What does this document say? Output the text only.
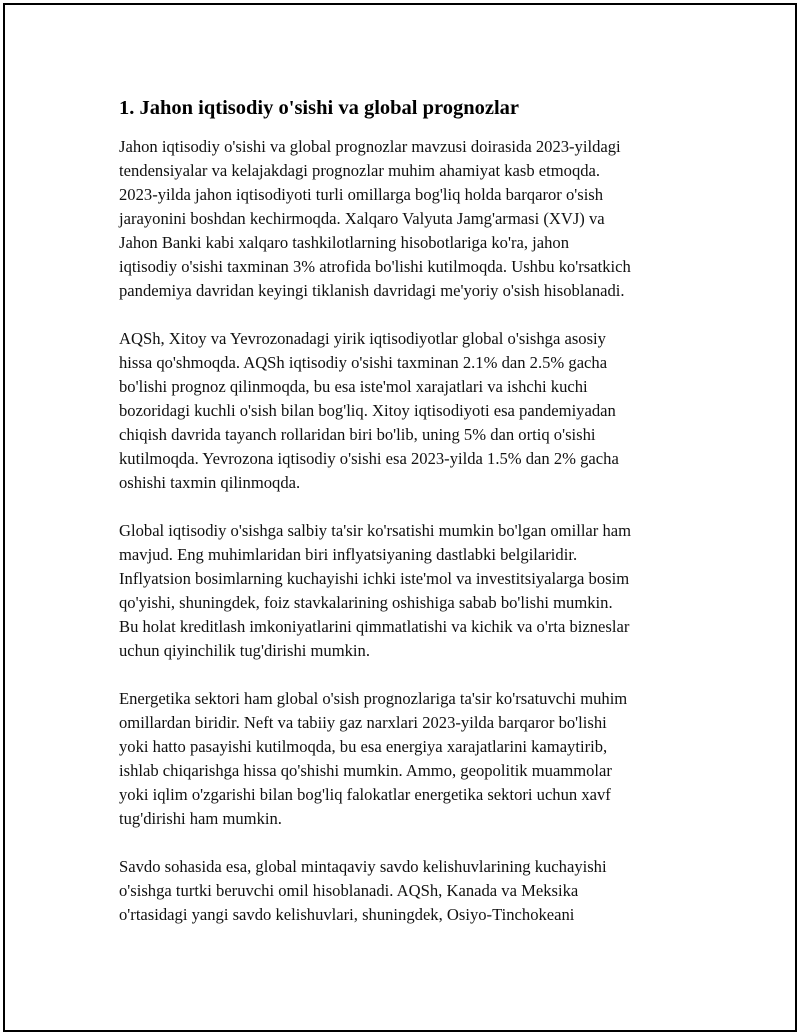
1. Jahon iqtisodiy o'sishi va global prognozlar
Jahon iqtisodiy o'sishi va global prognozlar mavzusi doirasida 2023-yildagi
tendensiyalar va kelajakdagi prognozlar muhim ahamiyat kasb etmoqda.
2023-yilda jahon iqtisodiyoti turli omillarga bog'liq holda barqaror o'sish
jarayonini boshdan kechirmoqda. Xalqaro Valyuta Jamg'armasi (XVJ) va
Jahon Banki kabi xalqaro tashkilotlarning hisobotlariga ko'ra, jahon
iqtisodiy o'sishi taxminan 3% atrofida bo'lishi kutilmoqda. Ushbu ko'rsatkich
pandemiya davridan keyingi tiklanish davridagi me'yoriy o'sish hisoblanadi.
AQSh, Xitoy va Yevrozonadagi yirik iqtisodiyotlar global o'sishga asosiy
hissa qo'shmoqda. AQSh iqtisodiy o'sishi taxminan 2.1% dan 2.5% gacha
bo'lishi prognoz qilinmoqda, bu esa iste'mol xarajatlari va ishchi kuchi
bozoridagi kuchli o'sish bilan bog'liq. Xitoy iqtisodiyoti esa pandemiyadan
chiqish davrida tayanch rollaridan biri bo'lib, uning 5% dan ortiq o'sishi
kutilmoqda. Yevrozona iqtisodiy o'sishi esa 2023-yilda 1.5% dan 2% gacha
oshishi taxmin qilinmoqda.
Global iqtisodiy o'sishga salbiy ta'sir ko'rsatishi mumkin bo'lgan omillar ham
mavjud. Eng muhimlaridan biri inflyatsiyaning dastlabki belgilaridir.
Inflyatsion bosimlarning kuchayishi ichki iste'mol va investitsiyalarga bosim
qo'yishi, shuningdek, foiz stavkalarining oshishiga sabab bo'lishi mumkin.
Bu holat kreditlash imkoniyatlarini qimmatlatishi va kichik va o'rta bizneslar
uchun qiyinchilik tug'dirishi mumkin.
Energetika sektori ham global o'sish prognozlariga ta'sir ko'rsatuvchi muhim
omillardan biridir. Neft va tabiiy gaz narxlari 2023-yilda barqaror bo'lishi
yoki hatto pasayishi kutilmoqda, bu esa energiya xarajatlarini kamaytirib,
ishlab chiqarishga hissa qo'shishi mumkin. Ammo, geopolitik muammolar
yoki iqlim o'zgarishi bilan bog'liq falokatlar energetika sektori uchun xavf
tug'dirishi ham mumkin.
Savdo sohasida esa, global mintaqaviy savdo kelishuvlarining kuchayishi
o'sishga turtki beruvchi omil hisoblanadi. AQSh, Kanada va Meksika
o'rtasidagi yangi savdo kelishuvlari, shuningdek, Osiyo-Tinchokeani
